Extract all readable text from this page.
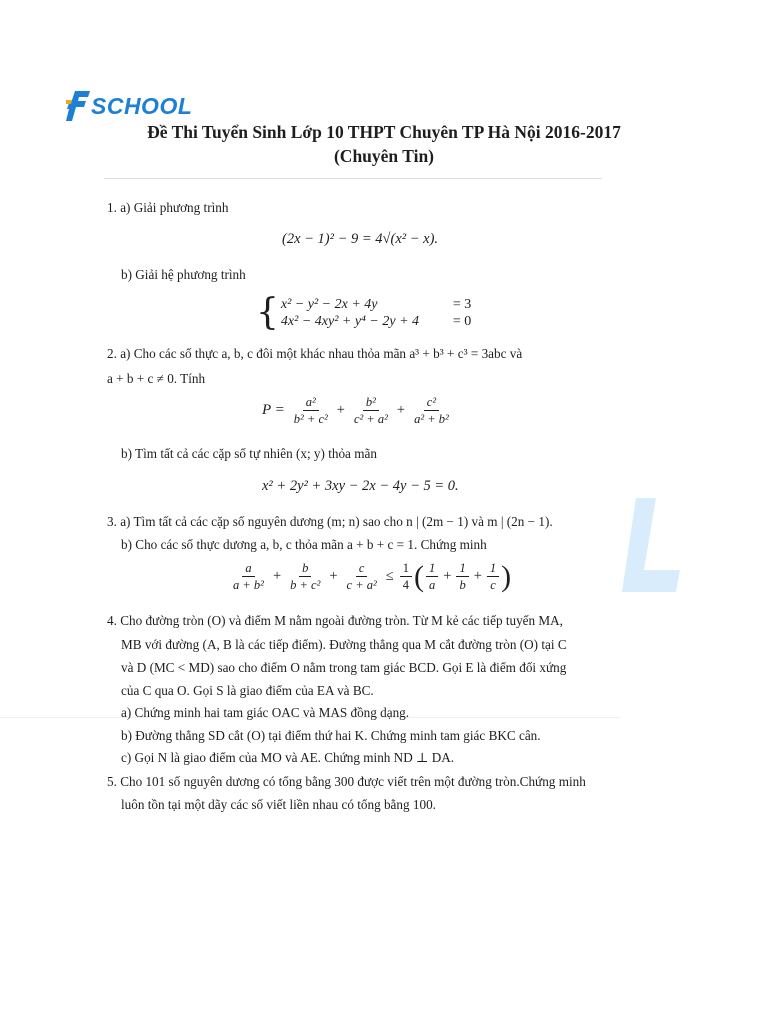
SCHOOL
Đề Thi Tuyển Sinh Lớp 10 THPT Chuyên TP Hà Nội 2016-2017
(Chuyên Tin)
1. a) Giải phương trình
(2x − 1)² − 9 = 4√(x² − x).
b) Giải hệ phương trình
{ x² − y² − 2x + 4y	= 3
4x² − 4xy² + y⁴ − 2y + 4	= 0
2. a) Cho các số thực a, b, c đôi một khác nhau thỏa mãn a³ + b³ + c³ = 3abc và
a + b + c ≠ 0. Tính
$P = \frac{\text{a²}}{\text{b² + c²}} + \frac{\text{b²}}{\text{c² + a²}} + \frac{\text{c²}}{\text{a² + b²}}$
b) Tìm tất cả các cặp số tự nhiên (x; y) thỏa mãn
x² + 2y² + 3xy − 2x − 4y − 5 = 0.
3. a) Tìm tất cả các cặp số nguyên dương (m; n) sao cho n | (2m − 1) và m | (2n − 1).
b) Cho các số thực dương a, b, c thỏa mãn a + b + c = 1. Chứng minh
$\frac{a}{\text{a + b²}} + \frac{b}{\text{b + c²}} + \frac{c}{\text{c + a²}} \le \frac{1}{4}$ ( $\frac{1}{a} + \frac{1}{b} + \frac{1}{c}$ )
4. Cho đường tròn (O) và điểm M nằm ngoài đường tròn. Từ M kẻ các tiếp tuyến MA,
MB với đường (A, B là các tiếp điểm). Đường thẳng qua M cắt đường tròn (O) tại C
và D (MC < MD) sao cho điểm O nằm trong tam giác BCD. Gọi E là điểm đối xứng
của C qua O. Gọi S là giao điểm của EA và BC.
a) Chứng minh hai tam giác OAC và MAS đồng dạng.
b) Đường thẳng SD cắt (O) tại điểm thứ hai K. Chứng minh tam giác BKC cân.
c) Gọi N là giao điểm của MO và AE. Chứng minh ND ⊥ DA.
5. Cho 101 số nguyên dương có tổng bằng 300 được viết trên một đường tròn.Chứng minh
luôn tồn tại một dãy các số viết liền nhau có tổng bằng 100.
